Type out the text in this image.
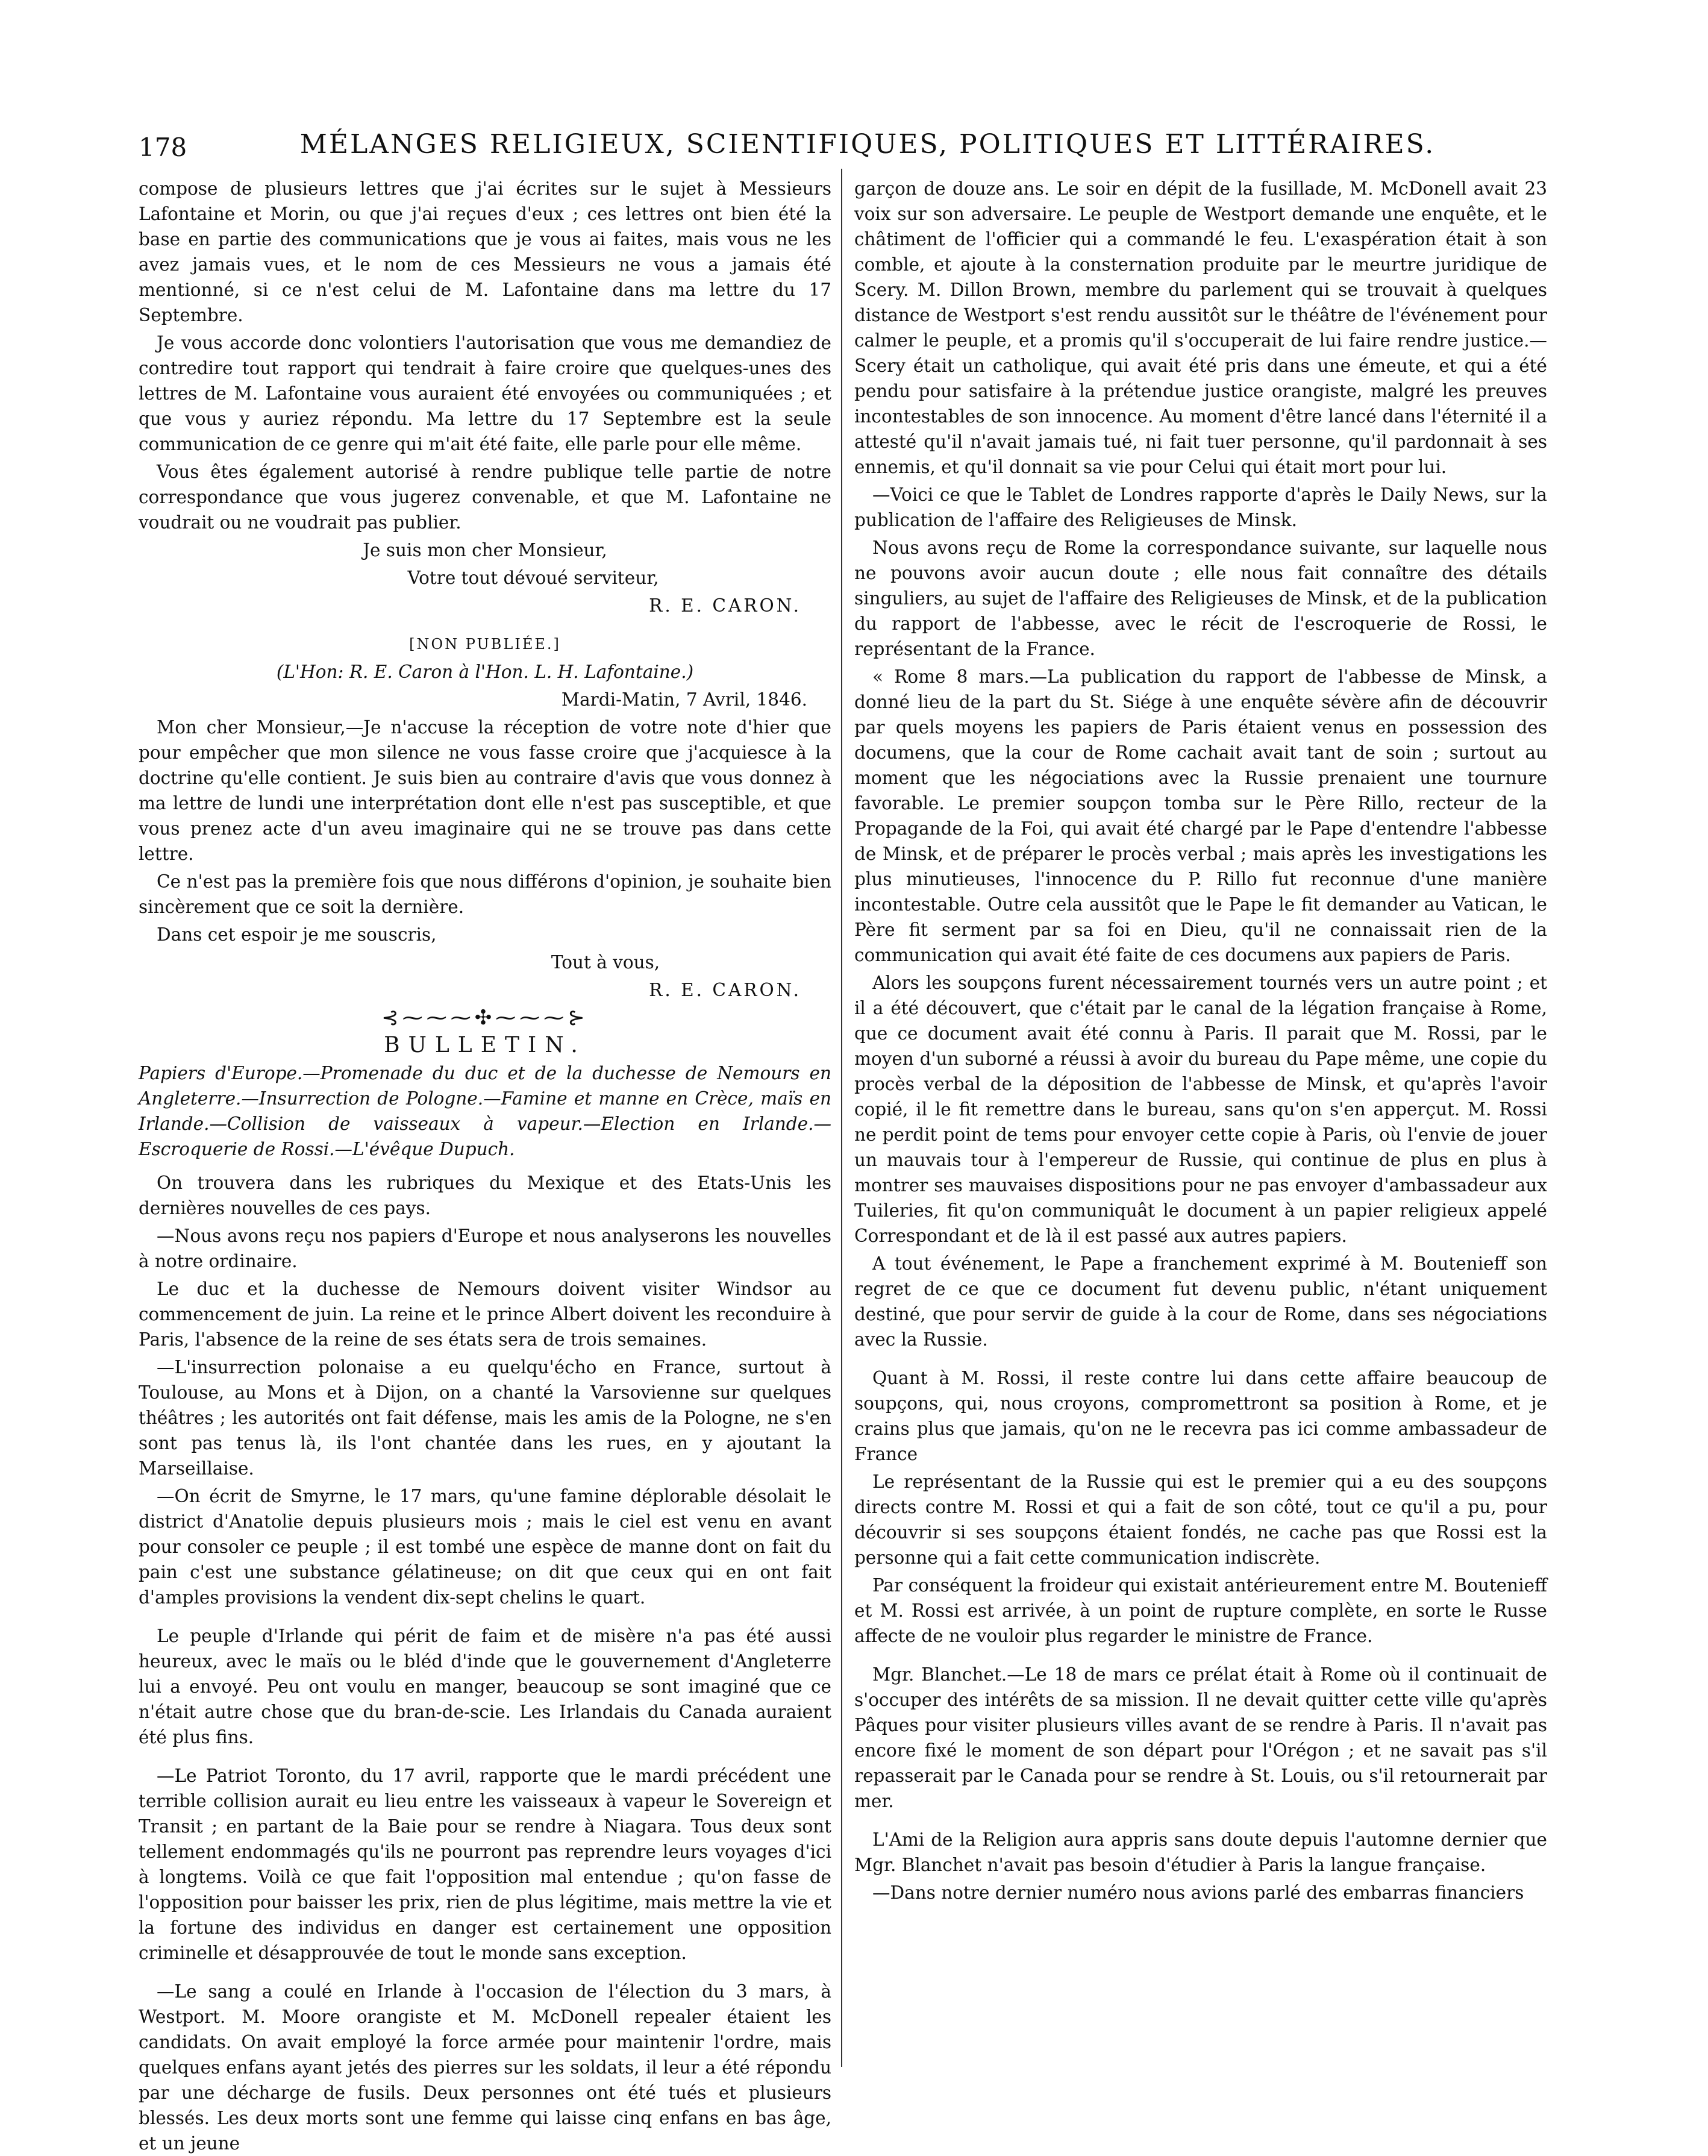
178	MÉLANGES RELIGIEUX, SCIENTIFIQUES, POLITIQUES ET LITTÉRAIRES.

compose de plusieurs lettres que j'ai écrites sur le sujet à Messieurs Lafontaine et Morin, ou que j'ai reçues d'eux ; ces lettres ont bien été la base en partie des communications que je vous ai faites, mais vous ne les avez jamais vues, et le nom de ces Messieurs ne vous a jamais été mentionné, si ce n'est celui de M. Lafontaine dans ma lettre du 17 Septembre.

Je vous accorde donc volontiers l'autorisation que vous me demandiez de contredire tout rapport qui tendrait à faire croire que quelques-unes des lettres de M. Lafontaine vous auraient été envoyées ou communiquées ; et que vous y auriez répondu. Ma lettre du 17 Septembre est la seule communication de ce genre qui m'ait été faite, elle parle pour elle même.

Vous êtes également autorisé à rendre publique telle partie de notre correspondance que vous jugerez convenable, et que M. Lafontaine ne voudrait ou ne voudrait pas publier.

Je suis mon cher Monsieur,

Votre tout dévoué serviteur,

R. E. CARON.

[NON PUBLIÉE.]

(L'Hon: R. E. Caron à l'Hon. L. H. Lafontaine.)

Mardi-Matin, 7 Avril, 1846.

Mon cher Monsieur,—Je n'accuse la réception de votre note d'hier que pour empêcher que mon silence ne vous fasse croire que j'acquiesce à la doctrine qu'elle contient. Je suis bien au contraire d'avis que vous donnez à ma lettre de lundi une interprétation dont elle n'est pas susceptible, et que vous prenez acte d'un aveu imaginaire qui ne se trouve pas dans cette lettre.

Ce n'est pas la première fois que nous différons d'opinion, je souhaite bien sincèrement que ce soit la dernière.

Dans cet espoir je me souscris,

Tout à vous,

R. E. CARON.

⊰⁓⁓⁓✣⁓⁓⁓⊱

BULLETIN.

Papiers d'Europe.—Promenade du duc et de la duchesse de Nemours en Angleterre.—Insurrection de Pologne.—Famine et manne en Crèce, maïs en Irlande.—Collision de vaisseaux à vapeur.—Election en Irlande.—Escroquerie de Rossi.—L'évêque Dupuch.

On trouvera dans les rubriques du Mexique et des Etats-Unis les dernières nouvelles de ces pays.

—Nous avons reçu nos papiers d'Europe et nous analyserons les nouvelles à notre ordinaire.

Le duc et la duchesse de Nemours doivent visiter Windsor au commencement de juin. La reine et le prince Albert doivent les reconduire à Paris, l'absence de la reine de ses états sera de trois semaines.

—L'insurrection polonaise a eu quelqu'écho en France, surtout à Toulouse, au Mons et à Dijon, on a chanté la Varsovienne sur quelques théâtres ; les autorités ont fait défense, mais les amis de la Pologne, ne s'en sont pas tenus là, ils l'ont chantée dans les rues, en y ajoutant la Marseillaise.

—On écrit de Smyrne, le 17 mars, qu'une famine déplorable désolait le district d'Anatolie depuis plusieurs mois ; mais le ciel est venu en avant pour consoler ce peuple ; il est tombé une espèce de manne dont on fait du pain c'est une substance gélatineuse; on dit que ceux qui en ont fait d'amples provisions la vendent dix-sept chelins le quart.

Le peuple d'Irlande qui périt de faim et de misère n'a pas été aussi heureux, avec le maïs ou le bléd d'inde que le gouvernement d'Angleterre lui a envoyé. Peu ont voulu en manger, beaucoup se sont imaginé que ce n'était autre chose que du bran-de-scie. Les Irlandais du Canada auraient été plus fins.

—Le Patriot Toronto, du 17 avril, rapporte que le mardi précédent une terrible collision aurait eu lieu entre les vaisseaux à vapeur le Sovereign et Transit ; en partant de la Baie pour se rendre à Niagara. Tous deux sont tellement endommagés qu'ils ne pourront pas reprendre leurs voyages d'ici à longtems. Voilà ce que fait l'opposition mal entendue ; qu'on fasse de l'opposition pour baisser les prix, rien de plus légitime, mais mettre la vie et la fortune des individus en danger est certainement une opposition criminelle et désapprouvée de tout le monde sans exception.

—Le sang a coulé en Irlande à l'occasion de l'élection du 3 mars, à Westport. M. Moore orangiste et M. McDonell repealer étaient les candidats. On avait employé la force armée pour maintenir l'ordre, mais quelques enfans ayant jetés des pierres sur les soldats, il leur a été répondu par une décharge de fusils. Deux personnes ont été tués et plusieurs blessés. Les deux morts sont une femme qui laisse cinq enfans en bas âge, et un jeune

garçon de douze ans. Le soir en dépit de la fusillade, M. McDonell avait 23 voix sur son adversaire. Le peuple de Westport demande une enquête, et le châtiment de l'officier qui a commandé le feu. L'exaspération était à son comble, et ajoute à la consternation produite par le meurtre juridique de Scery. M. Dillon Brown, membre du parlement qui se trouvait à quelques distance de Westport s'est rendu aussitôt sur le théâtre de l'événement pour calmer le peuple, et a promis qu'il s'occuperait de lui faire rendre justice.—Scery était un catholique, qui avait été pris dans une émeute, et qui a été pendu pour satisfaire à la prétendue justice orangiste, malgré les preuves incontestables de son innocence. Au moment d'être lancé dans l'éternité il a attesté qu'il n'avait jamais tué, ni fait tuer personne, qu'il pardonnait à ses ennemis, et qu'il donnait sa vie pour Celui qui était mort pour lui.

—Voici ce que le Tablet de Londres rapporte d'après le Daily News, sur la publication de l'affaire des Religieuses de Minsk.

Nous avons reçu de Rome la correspondance suivante, sur laquelle nous ne pouvons avoir aucun doute ; elle nous fait connaître des détails singuliers, au sujet de l'affaire des Religieuses de Minsk, et de la publication du rapport de l'abbesse, avec le récit de l'escroquerie de Rossi, le représentant de la France.

« Rome 8 mars.—La publication du rapport de l'abbesse de Minsk, a donné lieu de la part du St. Siége à une enquête sévère afin de découvrir par quels moyens les papiers de Paris étaient venus en possession des documens, que la cour de Rome cachait avait tant de soin ; surtout au moment que les négociations avec la Russie prenaient une tournure favorable. Le premier soupçon tomba sur le Père Rillo, recteur de la Propagande de la Foi, qui avait été chargé par le Pape d'entendre l'abbesse de Minsk, et de préparer le procès verbal ; mais après les investigations les plus minutieuses, l'innocence du P. Rillo fut reconnue d'une manière incontestable. Outre cela aussitôt que le Pape le fit demander au Vatican, le Père fit serment par sa foi en Dieu, qu'il ne connaissait rien de la communication qui avait été faite de ces documens aux papiers de Paris.

Alors les soupçons furent nécessairement tournés vers un autre point ; et il a été découvert, que c'était par le canal de la légation française à Rome, que ce document avait été connu à Paris. Il parait que M. Rossi, par le moyen d'un suborné a réussi à avoir du bureau du Pape même, une copie du procès verbal de la déposition de l'abbesse de Minsk, et qu'après l'avoir copié, il le fit remettre dans le bureau, sans qu'on s'en apperçut. M. Rossi ne perdit point de tems pour envoyer cette copie à Paris, où l'envie de jouer un mauvais tour à l'empereur de Russie, qui continue de plus en plus à montrer ses mauvaises dispositions pour ne pas envoyer d'ambassadeur aux Tuileries, fit qu'on communiquât le document à un papier religieux appelé Correspondant et de là il est passé aux autres papiers.

A tout événement, le Pape a franchement exprimé à M. Boutenieff son regret de ce que ce document fut devenu public, n'étant uniquement destiné, que pour servir de guide à la cour de Rome, dans ses négociations avec la Russie.

Quant à M. Rossi, il reste contre lui dans cette affaire beaucoup de soupçons, qui, nous croyons, compromettront sa position à Rome, et je crains plus que jamais, qu'on ne le recevra pas ici comme ambassadeur de France

Le représentant de la Russie qui est le premier qui a eu des soupçons directs contre M. Rossi et qui a fait de son côté, tout ce qu'il a pu, pour découvrir si ses soupçons étaient fondés, ne cache pas que Rossi est la personne qui a fait cette communication indiscrète.

Par conséquent la froideur qui existait antérieurement entre M. Boutenieff et M. Rossi est arrivée, à un point de rupture complète, en sorte le Russe affecte de ne vouloir plus regarder le ministre de France.

Mgr. Blanchet.—Le 18 de mars ce prélat était à Rome où il continuait de s'occuper des intérêts de sa mission. Il ne devait quitter cette ville qu'après Pâques pour visiter plusieurs villes avant de se rendre à Paris. Il n'avait pas encore fixé le moment de son départ pour l'Orégon ; et ne savait pas s'il repasserait par le Canada pour se rendre à St. Louis, ou s'il retournerait par mer.

L'Ami de la Religion aura appris sans doute depuis l'automne dernier que Mgr. Blanchet n'avait pas besoin d'étudier à Paris la langue française.

—Dans notre dernier numéro nous avions parlé des embarras financiers
